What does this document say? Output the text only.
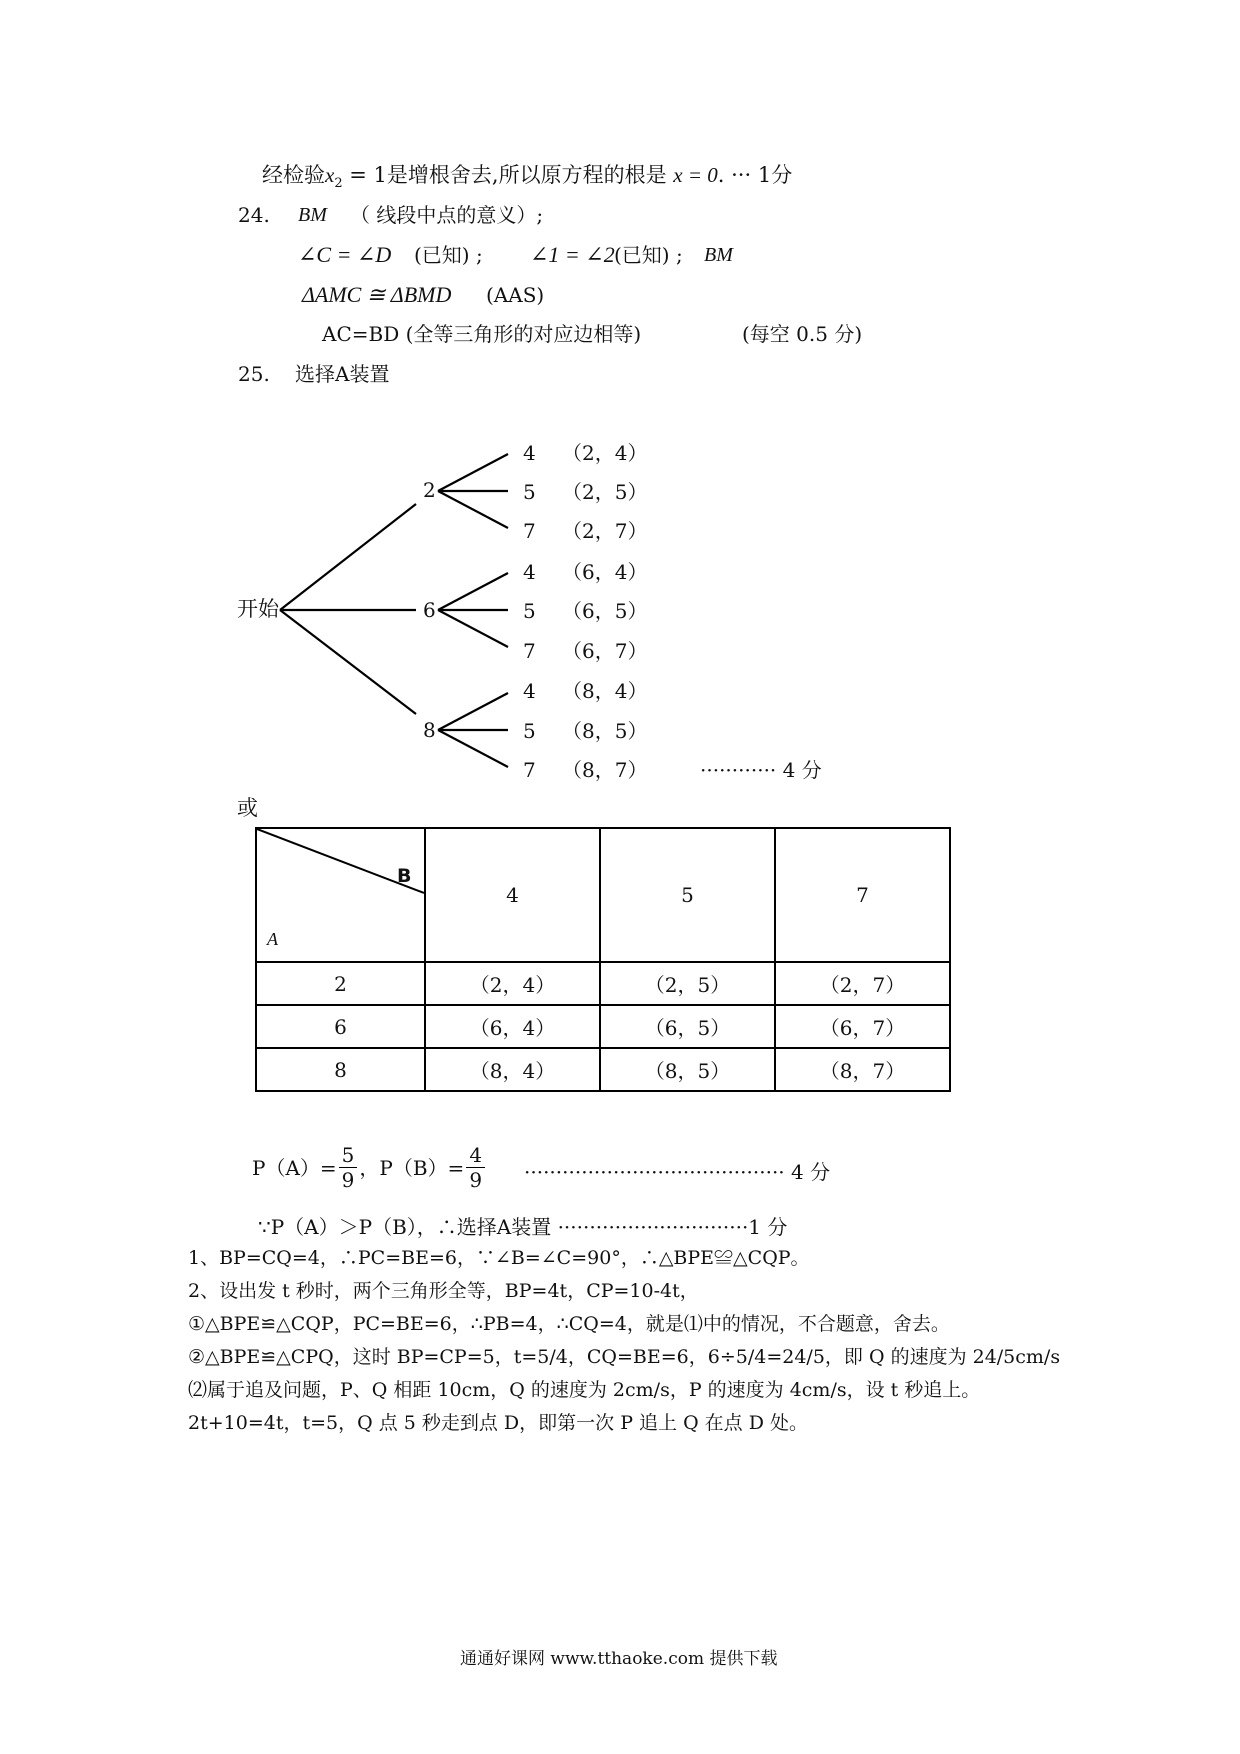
经检验$x_2 = 1$是增根舍去,所以原方程的根是 x = 0. ··· 1分
24. BM （ 线段中点的意义）;
∠C = ∠D (已知) ; ∠1 = ∠2 (已知) ; BM
ΔAMC ≅ ΔBMD (AAS)
AC=BD (全等三角形的对应边相等)	(每空 0.5 分)
25. 选择A装置
开始
2
6
8
4 （2，4）
5 （2，5）
7 （2，7）
4 （6，4）
5 （6，5）
7 （6，7）
4 （8，4）
5 （8，5）
7 （8，7）	············ 4 分
或
B
A	4	5	7
2	（2，4）	（2，5）	（2，7）
6	（6，4）	（6，5）	（6，7）
8	（8，4）	（8，5）	（8，7）
$P(A)= \frac{5}{9}$ ， $P(B)= \frac{4}{9}$ ········································· 4 分
∵P（A）＞P（B），∴选择A装置 ······························1 分
1、BP=CQ=4，∴PC=BE=6，∵∠B=∠C=90°，∴△BPE≌△CQP。
2、设出发 t 秒时，两个三角形全等，BP=4t，CP=10-4t，
①△BPE≌△CQP，PC=BE=6，∴PB=4，∴CQ=4，就是⑴中的情况，不合题意，舍去。
②△BPE≌△CPQ，这时 BP=CP=5，t=5/4，CQ=BE=6，6÷5/4=24/5，即 Q 的速度为 24/5cm/s
⑵属于追及问题，P、Q 相距 10cm，Q 的速度为 2cm/s，P 的速度为 4cm/s，设 t 秒追上。
2t+10=4t，t=5，Q 点 5 秒走到点 D，即第一次 P 追上 Q 在点 D 处。
通通好课网 www.tthaoke.com 提供下载
